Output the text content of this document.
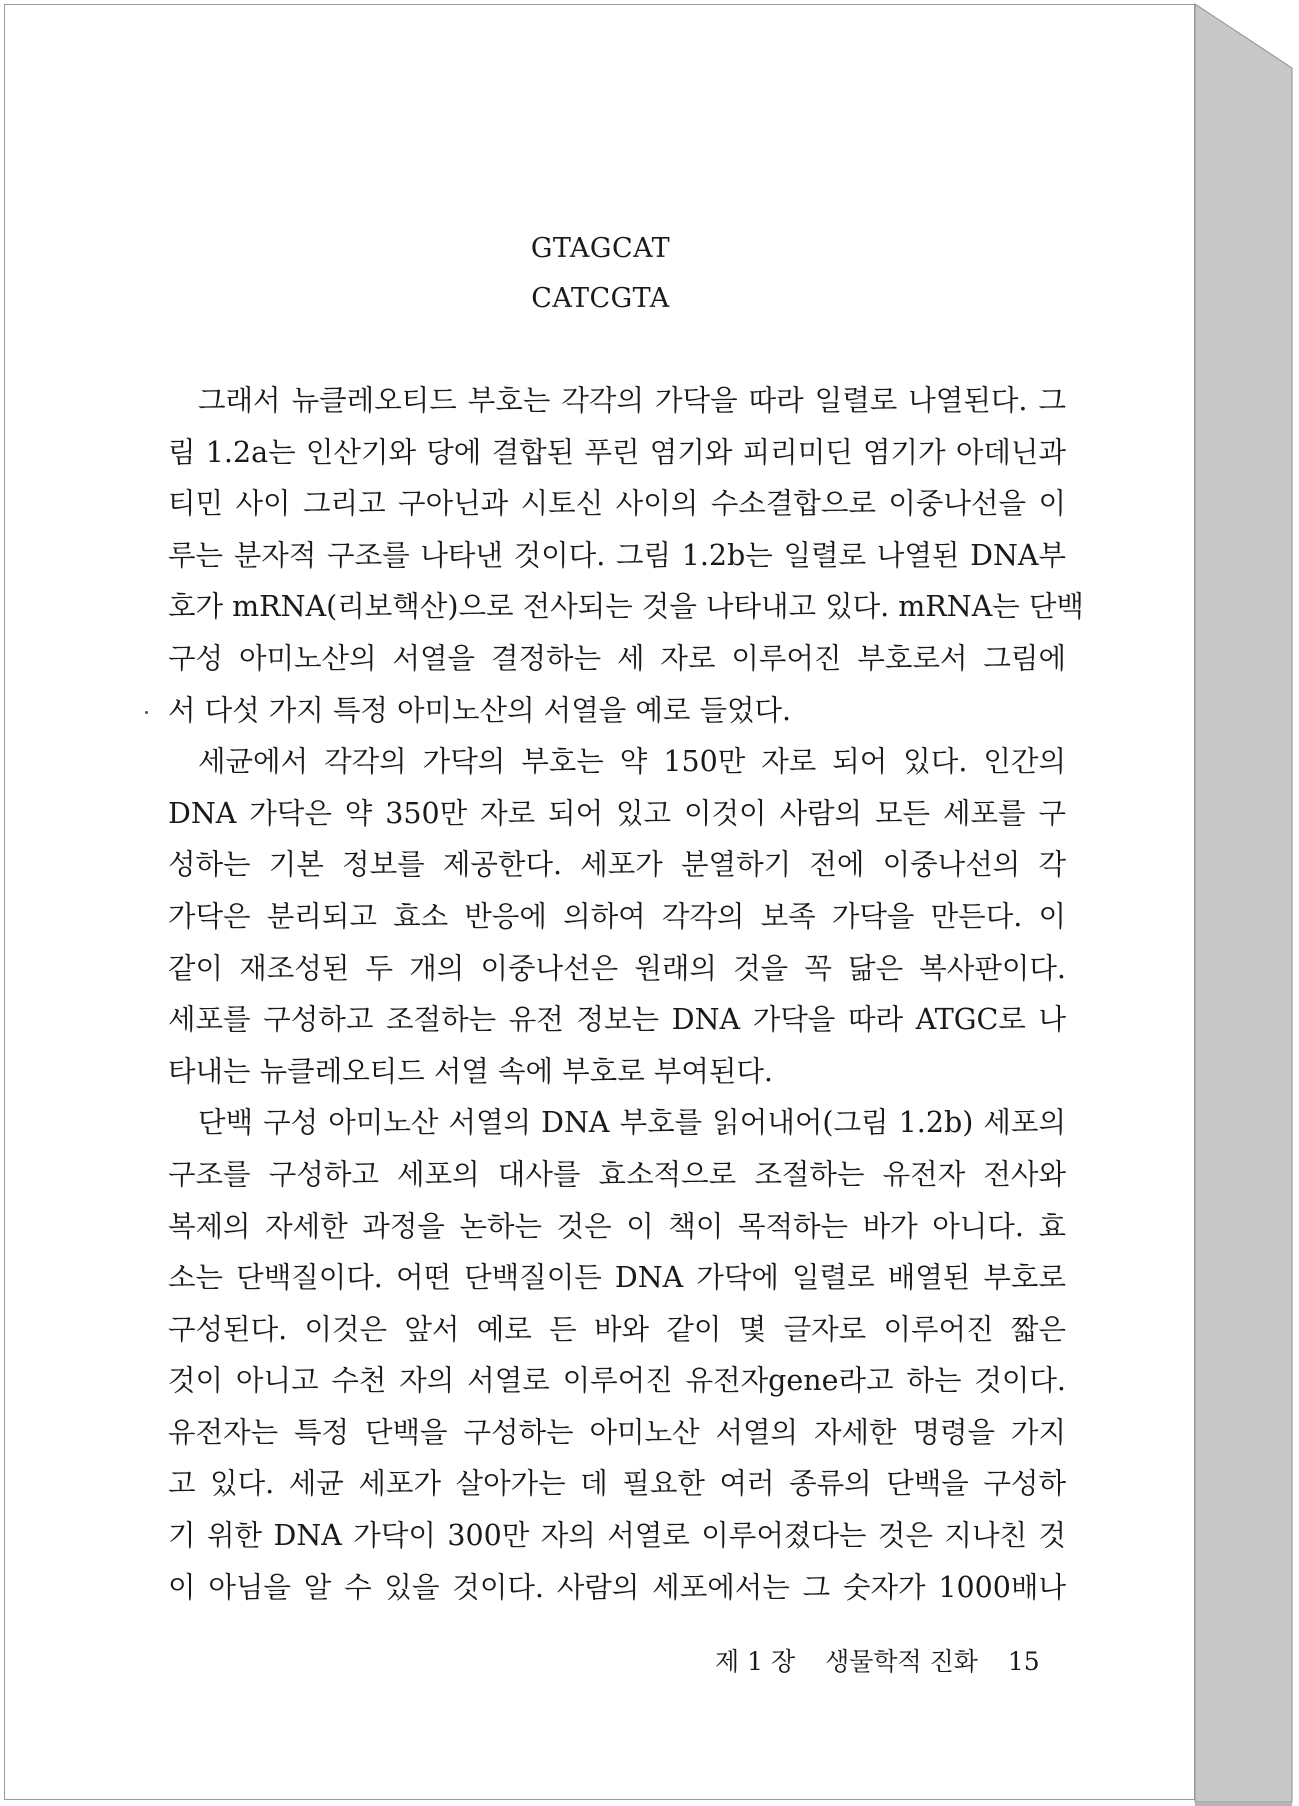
GTAGCAT
CATCGTA
그래서 뉴클레오티드 부호는 각각의 가닥을 따라 일렬로 나열된다. 그
림 1.2a는 인산기와 당에 결합된 푸린 염기와 피리미딘 염기가 아데닌과
티민 사이 그리고 구아닌과 시토신 사이의 수소결합으로 이중나선을 이
루는 분자적 구조를 나타낸 것이다. 그림 1.2b는 일렬로 나열된 DNA부
호가 mRNA(리보핵산)으로 전사되는 것을 나타내고 있다. mRNA는 단백
구성 아미노산의 서열을 결정하는 세 자로 이루어진 부호로서 그림에
서 다섯 가지 특정 아미노산의 서열을 예로 들었다.
세균에서 각각의 가닥의 부호는 약 150만 자로 되어 있다. 인간의
DNA 가닥은 약 350만 자로 되어 있고 이것이 사람의 모든 세포를 구
성하는 기본 정보를 제공한다. 세포가 분열하기 전에 이중나선의 각
가닥은 분리되고 효소 반응에 의하여 각각의 보족 가닥을 만든다. 이
같이 재조성된 두 개의 이중나선은 원래의 것을 꼭 닮은 복사판이다.
세포를 구성하고 조절하는 유전 정보는 DNA 가닥을 따라 ATGC로 나
타내는 뉴클레오티드 서열 속에 부호로 부여된다.
단백 구성 아미노산 서열의 DNA 부호를 읽어내어(그림 1.2b) 세포의
구조를 구성하고 세포의 대사를 효소적으로 조절하는 유전자 전사와
복제의 자세한 과정을 논하는 것은 이 책이 목적하는 바가 아니다. 효
소는 단백질이다. 어떤 단백질이든 DNA 가닥에 일렬로 배열된 부호로
구성된다. 이것은 앞서 예로 든 바와 같이 몇 글자로 이루어진 짧은
것이 아니고 수천 자의 서열로 이루어진 유전자gene라고 하는 것이다.
유전자는 특정 단백을 구성하는 아미노산 서열의 자세한 명령을 가지
고 있다. 세균 세포가 살아가는 데 필요한 여러 종류의 단백을 구성하
기 위한 DNA 가닥이 300만 자의 서열로 이루어졌다는 것은 지나친 것
이 아님을 알 수 있을 것이다. 사람의 세포에서는 그 숫자가 1000배나
제 1 장 생물학적 진화 15
